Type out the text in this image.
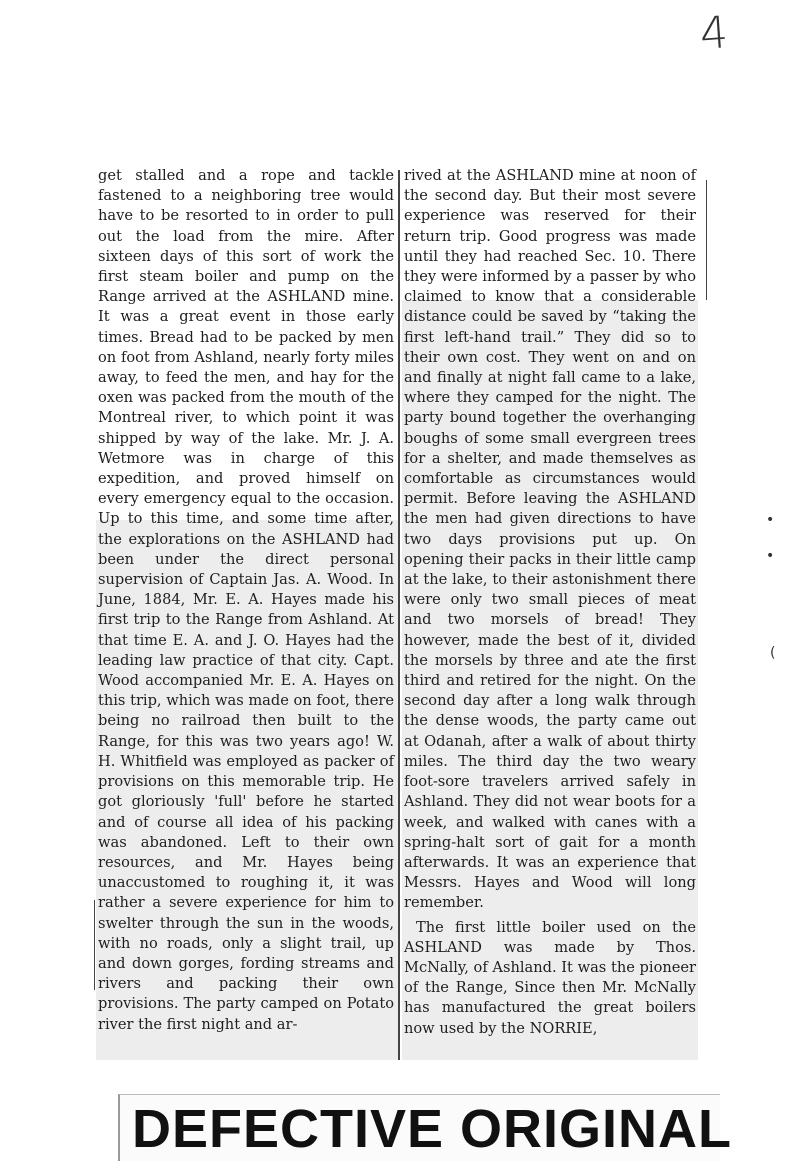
4
•
•
(

get stalled and a rope and tackle fastened to a neighboring tree would have to be resorted to in order to pull out the load from the mire. After sixteen days of this sort of work the first steam boiler and pump on the Range arrived at the ASHLAND mine. It was a great event in those early times. Bread had to be packed by men on foot from Ashland, nearly forty miles away, to feed the men, and hay for the oxen was packed from the mouth of the Montreal river, to which point it was shipped by way of the lake. Mr. J. A. Wetmore was in charge of this expedition, and proved himself on every emergency equal to the occasion. Up to this time, and some time after, the explorations on the ASHLAND had been under the direct personal supervision of Captain Jas. A. Wood. In June, 1884, Mr. E. A. Hayes made his first trip to the Range from Ashland. At that time E. A. and J. O. Hayes had the leading law practice of that city. Capt. Wood accompanied Mr. E. A. Hayes on this trip, which was made on foot, there being no railroad then built to the Range, for this was two years ago! W. H. Whitfield was employed as packer of provisions on this memorable trip. He got gloriously 'full' before he started and of course all idea of his packing was abandoned. Left to their own resources, and Mr. Hayes being unaccustomed to roughing it, it was rather a severe experience for him to swelter through the sun in the woods, with no roads, only a slight trail, up and down gorges, fording streams and rivers and packing their own provisions. The party camped on Potato river the first night and ar-

rived at the ASHLAND mine at noon of the second day. But their most severe experience was reserved for their return trip. Good progress was made until they had reached Sec. 10. There they were informed by a passer by who claimed to know that a considerable distance could be saved by “taking the first left-hand trail.” They did so to their own cost. They went on and on and finally at night fall came to a lake, where they camped for the night. The party bound together the overhanging boughs of some small evergreen trees for a shelter, and made themselves as comfortable as circumstances would permit. Before leaving the ASHLAND the men had given directions to have two days provisions put up. On opening their packs in their little camp at the lake, to their astonishment there were only two small pieces of meat and two morsels of bread! They however, made the best of it, divided the morsels by three and ate the first third and retired for the night. On the second day after a long walk through the dense woods, the party came out at Odanah, after a walk of about thirty miles. The third day the two weary foot-sore travelers arrived safely in Ashland. They did not wear boots for a week, and walked with canes with a spring-halt sort of gait for a month afterwards. It was an experience that Messrs. Hayes and Wood will long remember.

The first little boiler used on the ASHLAND was made by Thos. McNally, of Ashland. It was the pioneer of the Range, Since then Mr. McNally has manufactured the great boilers now used by the NORRIE,

DEFECTIVE ORIGINAL
